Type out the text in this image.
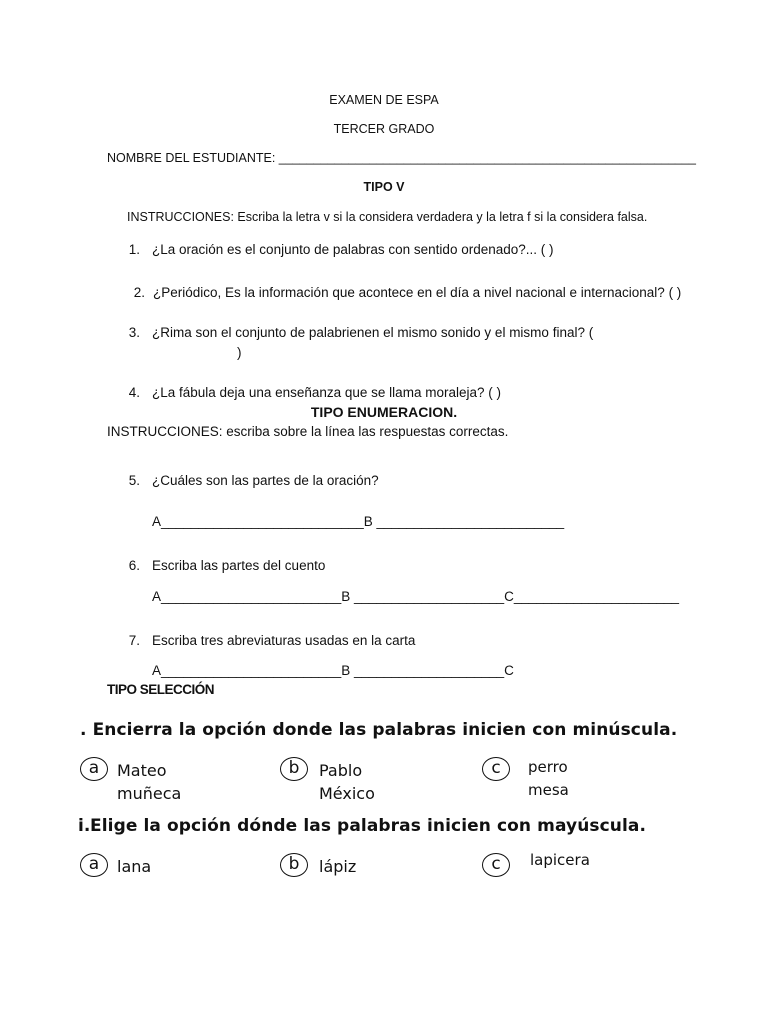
EXAMEN DE ESPA
TERCER GRADO
NOMBRE DEL ESTUDIANTE: ____________________________________________________________
TIPO V
INSTRUCCIONES: Escriba la letra v si la considera verdadera y la letra f si la considera falsa.
1. ¿La oración es el conjunto de palabras con sentido ordenado?... ( )
2. ¿Periódico, Es la información que acontece en el día a nivel nacional e internacional? ( )
3. ¿Rima son el conjunto de palabrienen el mismo sonido y el mismo final? (
)
4. ¿La fábula deja una enseñanza que se llama moraleja? ( )
TIPO ENUMERACION.
INSTRUCCIONES: escriba sobre la línea las respuestas correctas.
5. ¿Cuáles son las partes de la oración?
A___________________________B _________________________
6. Escriba las partes del cuento
A________________________B ____________________C______________________
7. Escriba tres abreviaturas usadas en la carta
A________________________B ____________________C
TIPO SELECCIÓN
. Encierra la opción donde las palabras inicien con minúscula.
a	Mateo
muñeca
b	Pablo
México
c	perro
mesa
i. Elige la opción dónde las palabras inicien con mayúscula.
a	lana	b	lápiz	c	lapicera
